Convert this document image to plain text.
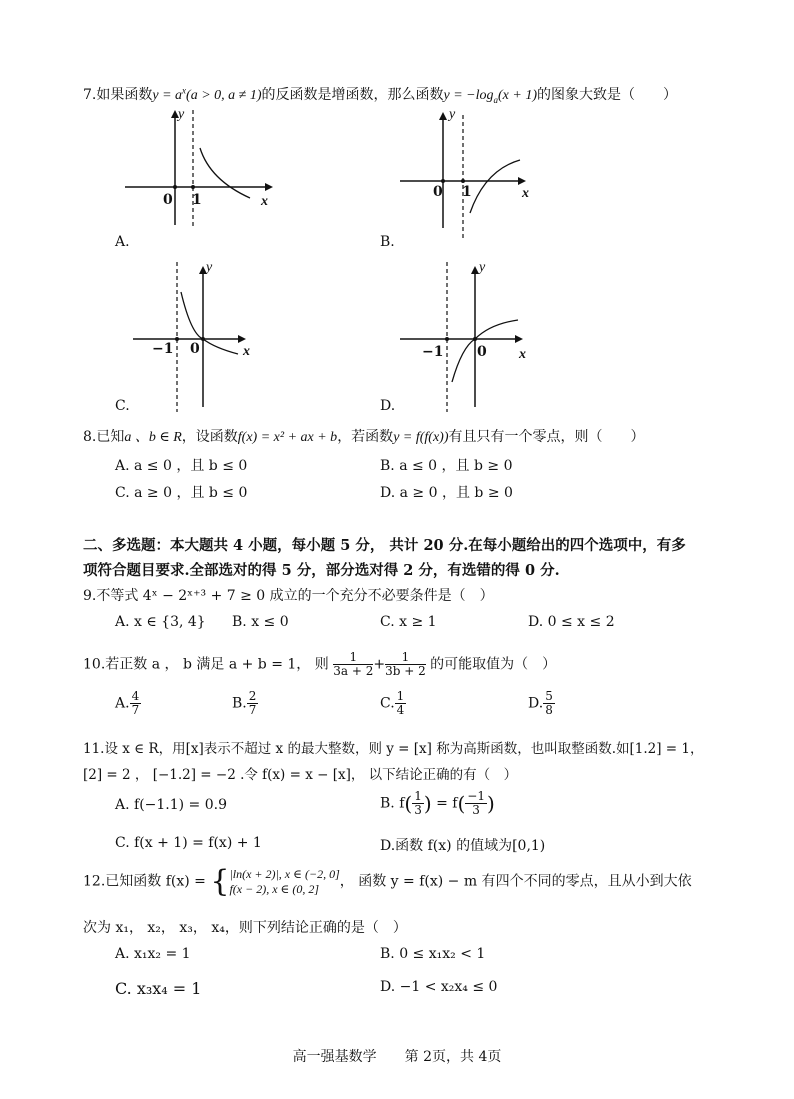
7.如果函数$y = a^x(a > 0$, a ≠ 1)的反函数是增函数，那么函数$y = -\log_a(x + 1)$的图象大致是（　　）
y
0 1	x
A.
y
0 1	x
B.
y
−1 0	x
C.
y
−1 0 x
D.
8.已知a 、b ∈ R，设函数f(x) = x² + ax + b，若函数y = f(f(x))有且只有一个零点，则（　　）
A. a ≤ 0 ，且 b ≤ 0	B. a ≤ 0 ，且 b ≥ 0
C. a ≥ 0 ，且 b ≤ 0	D. a ≥ 0 ，且 b ≥ 0
二、多选题：本大题共 4 小题，每小题 5 分， 共计 20 分.在每小题给出的四个选项中，有多
项符合题目要求.全部选对的得 5 分，部分选对得 2 分，有选错的得 0 分.
9.不等式 4ˣ − 2ˣ⁺³ + 7 ≥ 0 成立的一个充分不必要条件是（　）
A. x ∈ {3, 4} B. x ≤ 0	C. x ≥ 1	D. 0 ≤ x ≤ 2
10.若正数 a ， b 满足 a + b = 1， 则 $\frac{1}{3a + 2} + \frac{1}{3b + 2}$ 的可能取值为（　）
A. $\frac{4}{7}$	B. $\frac{2}{7}$	C. $\frac{1}{4}$	D. $\frac{5}{8}$
11.设 x ∈ R，用[x]表示不超过 x 的最大整数，则 y = [x] 称为高斯函数，也叫取整函数.如[1.2] = 1，
[2] = 2 ， [−1.2] = −2 .令 f(x) = x − [x]， 以下结论正确的有（　）
A. f(−1.1) = 0.9	B. $f( \frac{1}{3}$ ) = $f( \frac{-1}{3}$ )
C. f(x + 1) = f(x) + 1	D.函数 f(x) 的值域为[0,1)
12.已知函数 f(x) = { |ln(x + 2)|, x ∈ (−2, 0]
f(x − 2), x ∈ (0, 2]	， 函数 y = f(x) − m 有四个不同的零点，且从小到大依
次为 x₁， x₂， x₃， x₄，则下列结论正确的是（　）
A. x₁x₂ = 1	B. 0 ≤ x₁x₂ < 1
C. x₃x₄ = 1	D. −1 < x₂x₄ ≤ 0
高一强基数学　　第 2页，共 4页
